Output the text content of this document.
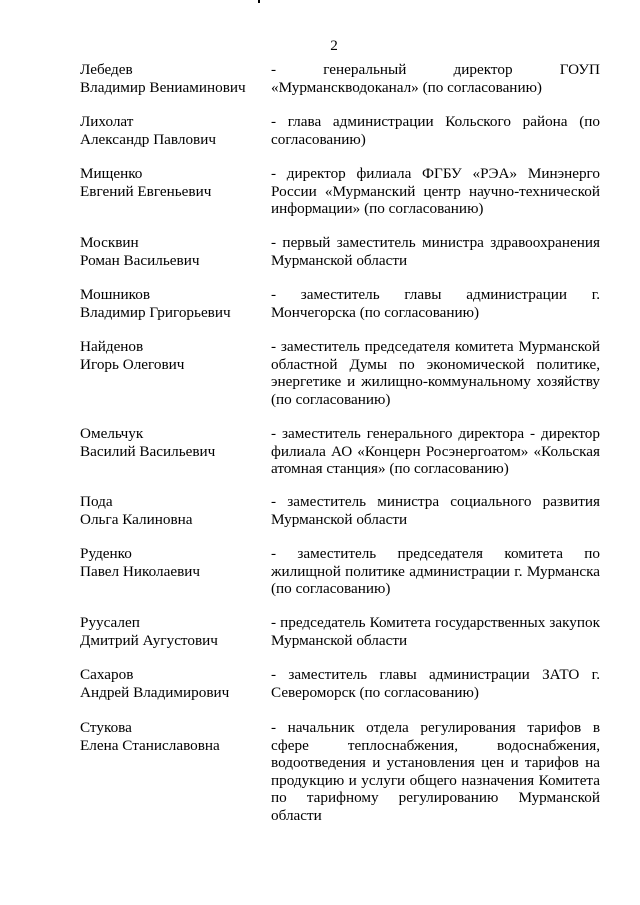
2
Лебедев
Владимир Вениаминович
- генеральный директор ГОУП «Мурманскводоканал» (по согласованию)
Лихолат
Александр Павлович
- глава администрации Кольского района (по согласованию)
Мищенко
Евгений Евгеньевич
- директор филиала ФГБУ «РЭА» Минэнерго России «Мурманский центр научно-технической информации» (по согласованию)
Москвин
Роман Васильевич
- первый заместитель министра здравоохранения Мурманской области
Мошников
Владимир Григорьевич
- заместитель главы администрации г. Мончегорска (по согласованию)
Найденов
Игорь Олегович
- заместитель председателя комитета Мурманской областной Думы по экономической политике, энергетике и жилищно-коммунальному хозяйству (по согласованию)
Омельчук
Василий Васильевич
- заместитель генерального директора - директор филиала АО «Концерн Росэнергоатом» «Кольская атомная станция» (по согласованию)
Пода
Ольга Калиновна
- заместитель министра социального развития Мурманской области
Руденко
Павел Николаевич
- заместитель председателя комитета по жилищной политике администрации г. Мурманска (по согласованию)
Руусалеп
Дмитрий Аугустович
- председатель Комитета государственных закупок Мурманской области
Сахаров
Андрей Владимирович
- заместитель главы администрации ЗАТО г. Североморск (по согласованию)
Стукова
Елена Станиславовна
- начальник отдела регулирования тарифов в сфере теплоснабжения, водоснабжения, водоотведения и установления цен и тарифов на продукцию и услуги общего назначения Комитета по тарифному регулированию Мурманской области
